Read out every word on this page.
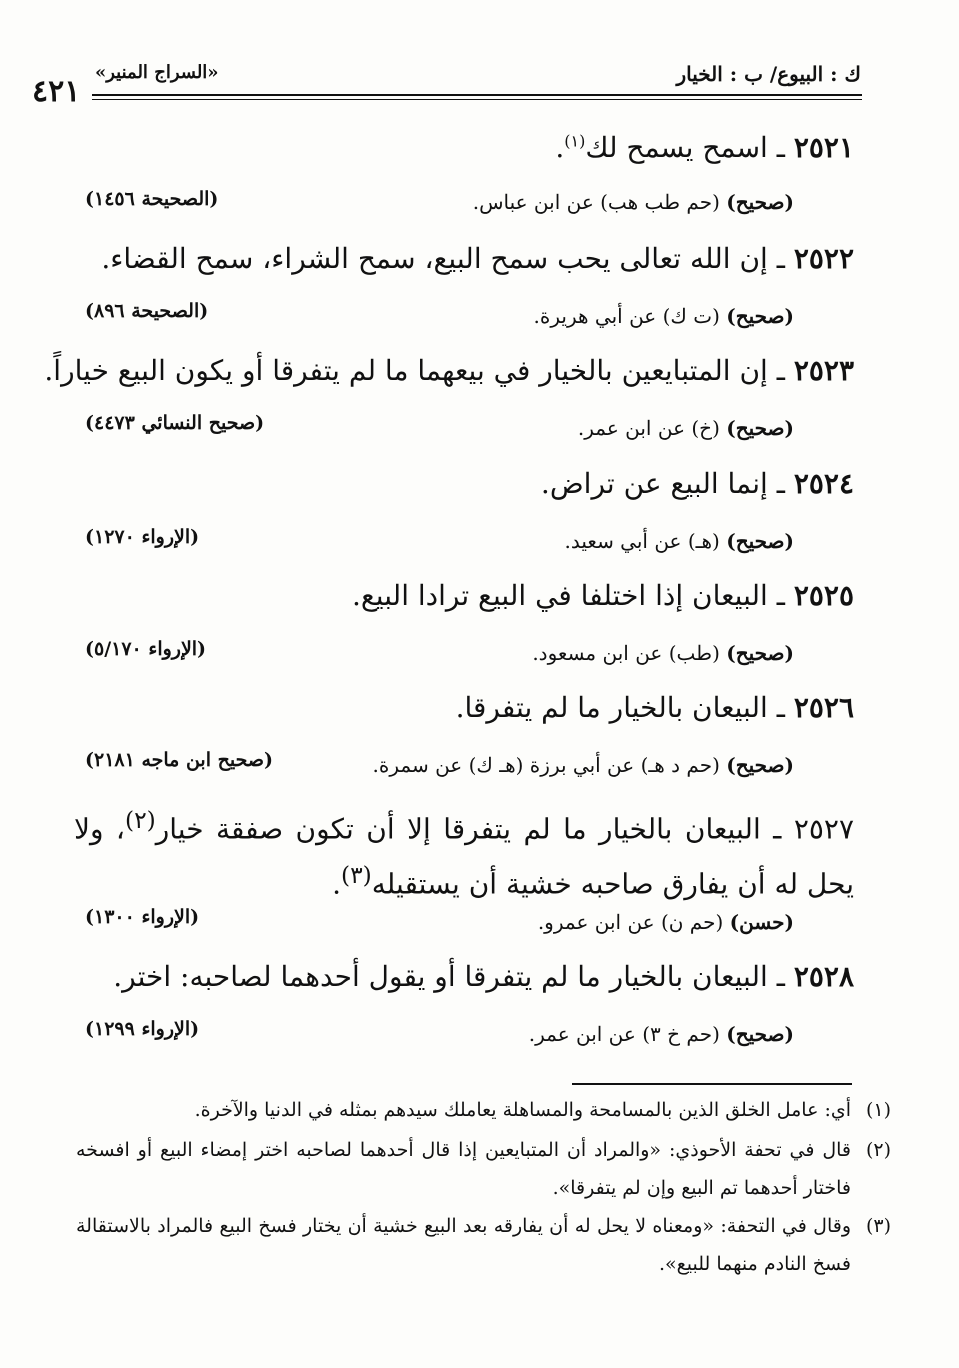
ك : البيوع/ ب : الخيار
«السراج المنير»
٤٢١
٢٥٢١ ـ اسمح يسمح لك$^{(١)}$.
(صحيح) (حم طب هب) عن ابن عباس.
(الصحيحة ١٤٥٦)
٢٥٢٢ ـ إن الله تعالى يحب سمح البيع، سمح الشراء، سمح القضاء.
(صحيح) (ت ك) عن أبي هريرة.
(الصحيحة ٨٩٦)
٢٥٢٣ ـ إن المتبايعين بالخيار في بيعهما ما لم يتفرقا أو يكون البيع خياراً.
(صحيح) (خ) عن ابن عمر.
(صحيح النسائي ٤٤٧٣)
٢٥٢٤ ـ إنما البيع عن تراض.
(صحيح) (هـ) عن أبي سعيد.
(الإرواء ١٢٧٠)
٢٥٢٥ ـ البيعان إذا اختلفا في البيع ترادا البيع.
(صحيح) (طب) عن ابن مسعود.
(الإرواء ٥/١٧٠)
٢٥٢٦ ـ البيعان بالخيار ما لم يتفرقا.
(صحيح) (حم د هـ) عن أبي برزة (هـ ك) عن سمرة.
(صحيح ابن ماجه ٢١٨١)
٢٥٢٧ ـ البيعان بالخيار ما لم يتفرقا إلا أن تكون صفقة خيار$^{(٢)}$، ولا يحل له أن يفارق صاحبه خشية أن يستقيله$^{(٣)}$.
(حسن) (حم ن) عن ابن عمرو.
(الإرواء ١٣٠٠)
٢٥٢٨ ـ البيعان بالخيار ما لم يتفرقا أو يقول أحدهما لصاحبه: اختر.
(صحيح) (حم خ ٣) عن ابن عمر.
(الإرواء ١٢٩٩)
(١)
أي: عامل الخلق الذين بالمسامحة والمساهلة يعاملك سيدهم بمثله في الدنيا والآخرة.
(٢)
قال في تحفة الأحوذي: «والمراد أن المتبايعين إذا قال أحدهما لصاحبه اختر إمضاء البيع أو افسخه فاختار أحدهما تم البيع وإن لم يتفرقا».
(٣)
وقال في التحفة: «ومعناه لا يحل له أن يفارقه بعد البيع خشية أن يختار فسخ البيع فالمراد بالاستقالة فسخ النادم منهما للبيع».
